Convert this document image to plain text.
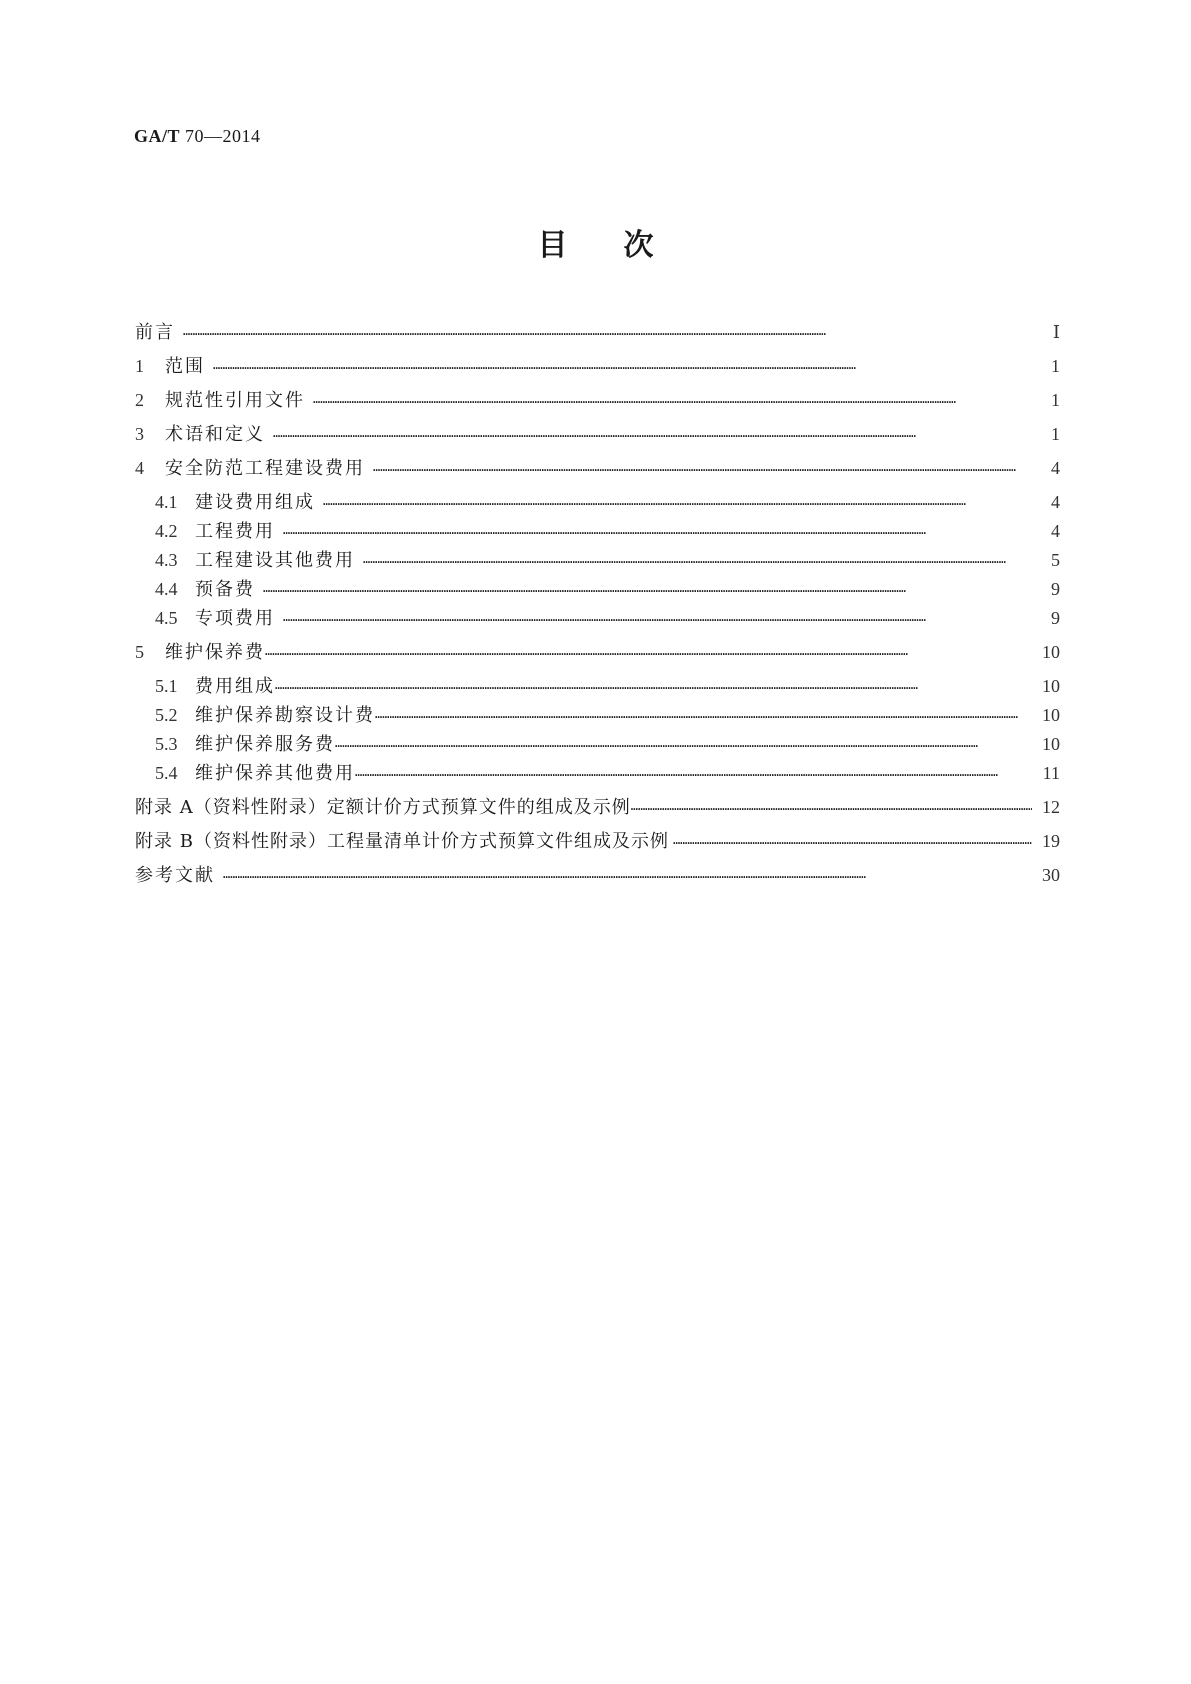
GA/T 70—2014
目次
前言 ……………………………………………………………………………………………………………………………………………………………………………………………………………………………………………	Ⅰ
1	范围 ……………………………………………………………………………………………………………………………………………………………………………………………………………………………………………	1
2	规范性引用文件 ……………………………………………………………………………………………………………………………………………………………………………………………………………………………………………	1
3	术语和定义 ……………………………………………………………………………………………………………………………………………………………………………………………………………………………………………	1
4	安全防范工程建设费用 ……………………………………………………………………………………………………………………………………………………………………………………………………………………………………………	4
4.1 建设费用组成 ……………………………………………………………………………………………………………………………………………………………………………………………………………………………………………	4
4.2 工程费用 ……………………………………………………………………………………………………………………………………………………………………………………………………………………………………………	4
4.3 工程建设其他费用 ……………………………………………………………………………………………………………………………………………………………………………………………………………………………………………	5
4.4 预备费 ……………………………………………………………………………………………………………………………………………………………………………………………………………………………………………	9
4.5 专项费用 ……………………………………………………………………………………………………………………………………………………………………………………………………………………………………………	9
5	维护保养费 ……………………………………………………………………………………………………………………………………………………………………………………………………………………………………………	10
5.1 费用组成 ……………………………………………………………………………………………………………………………………………………………………………………………………………………………………………	10
5.2 维护保养勘察设计费 ……………………………………………………………………………………………………………………………………………………………………………………………………………………………………………	10
5.3 维护保养服务费 ……………………………………………………………………………………………………………………………………………………………………………………………………………………………………………	10
5.4 维护保养其他费用 ……………………………………………………………………………………………………………………………………………………………………………………………………………………………………………	11
附录 A（资料性附录）定额计价方式预算文件的组成及示例 ……………………………………………………………………………………………………………………………………………………………………………………………………………………………………………	12
附录 B（资料性附录）工程量清单计价方式预算文件组成及示例 ……………………………………………………………………………………………………………………………………………………………………………………………………………………………………………	19
参考文献 ……………………………………………………………………………………………………………………………………………………………………………………………………………………………………………	30
